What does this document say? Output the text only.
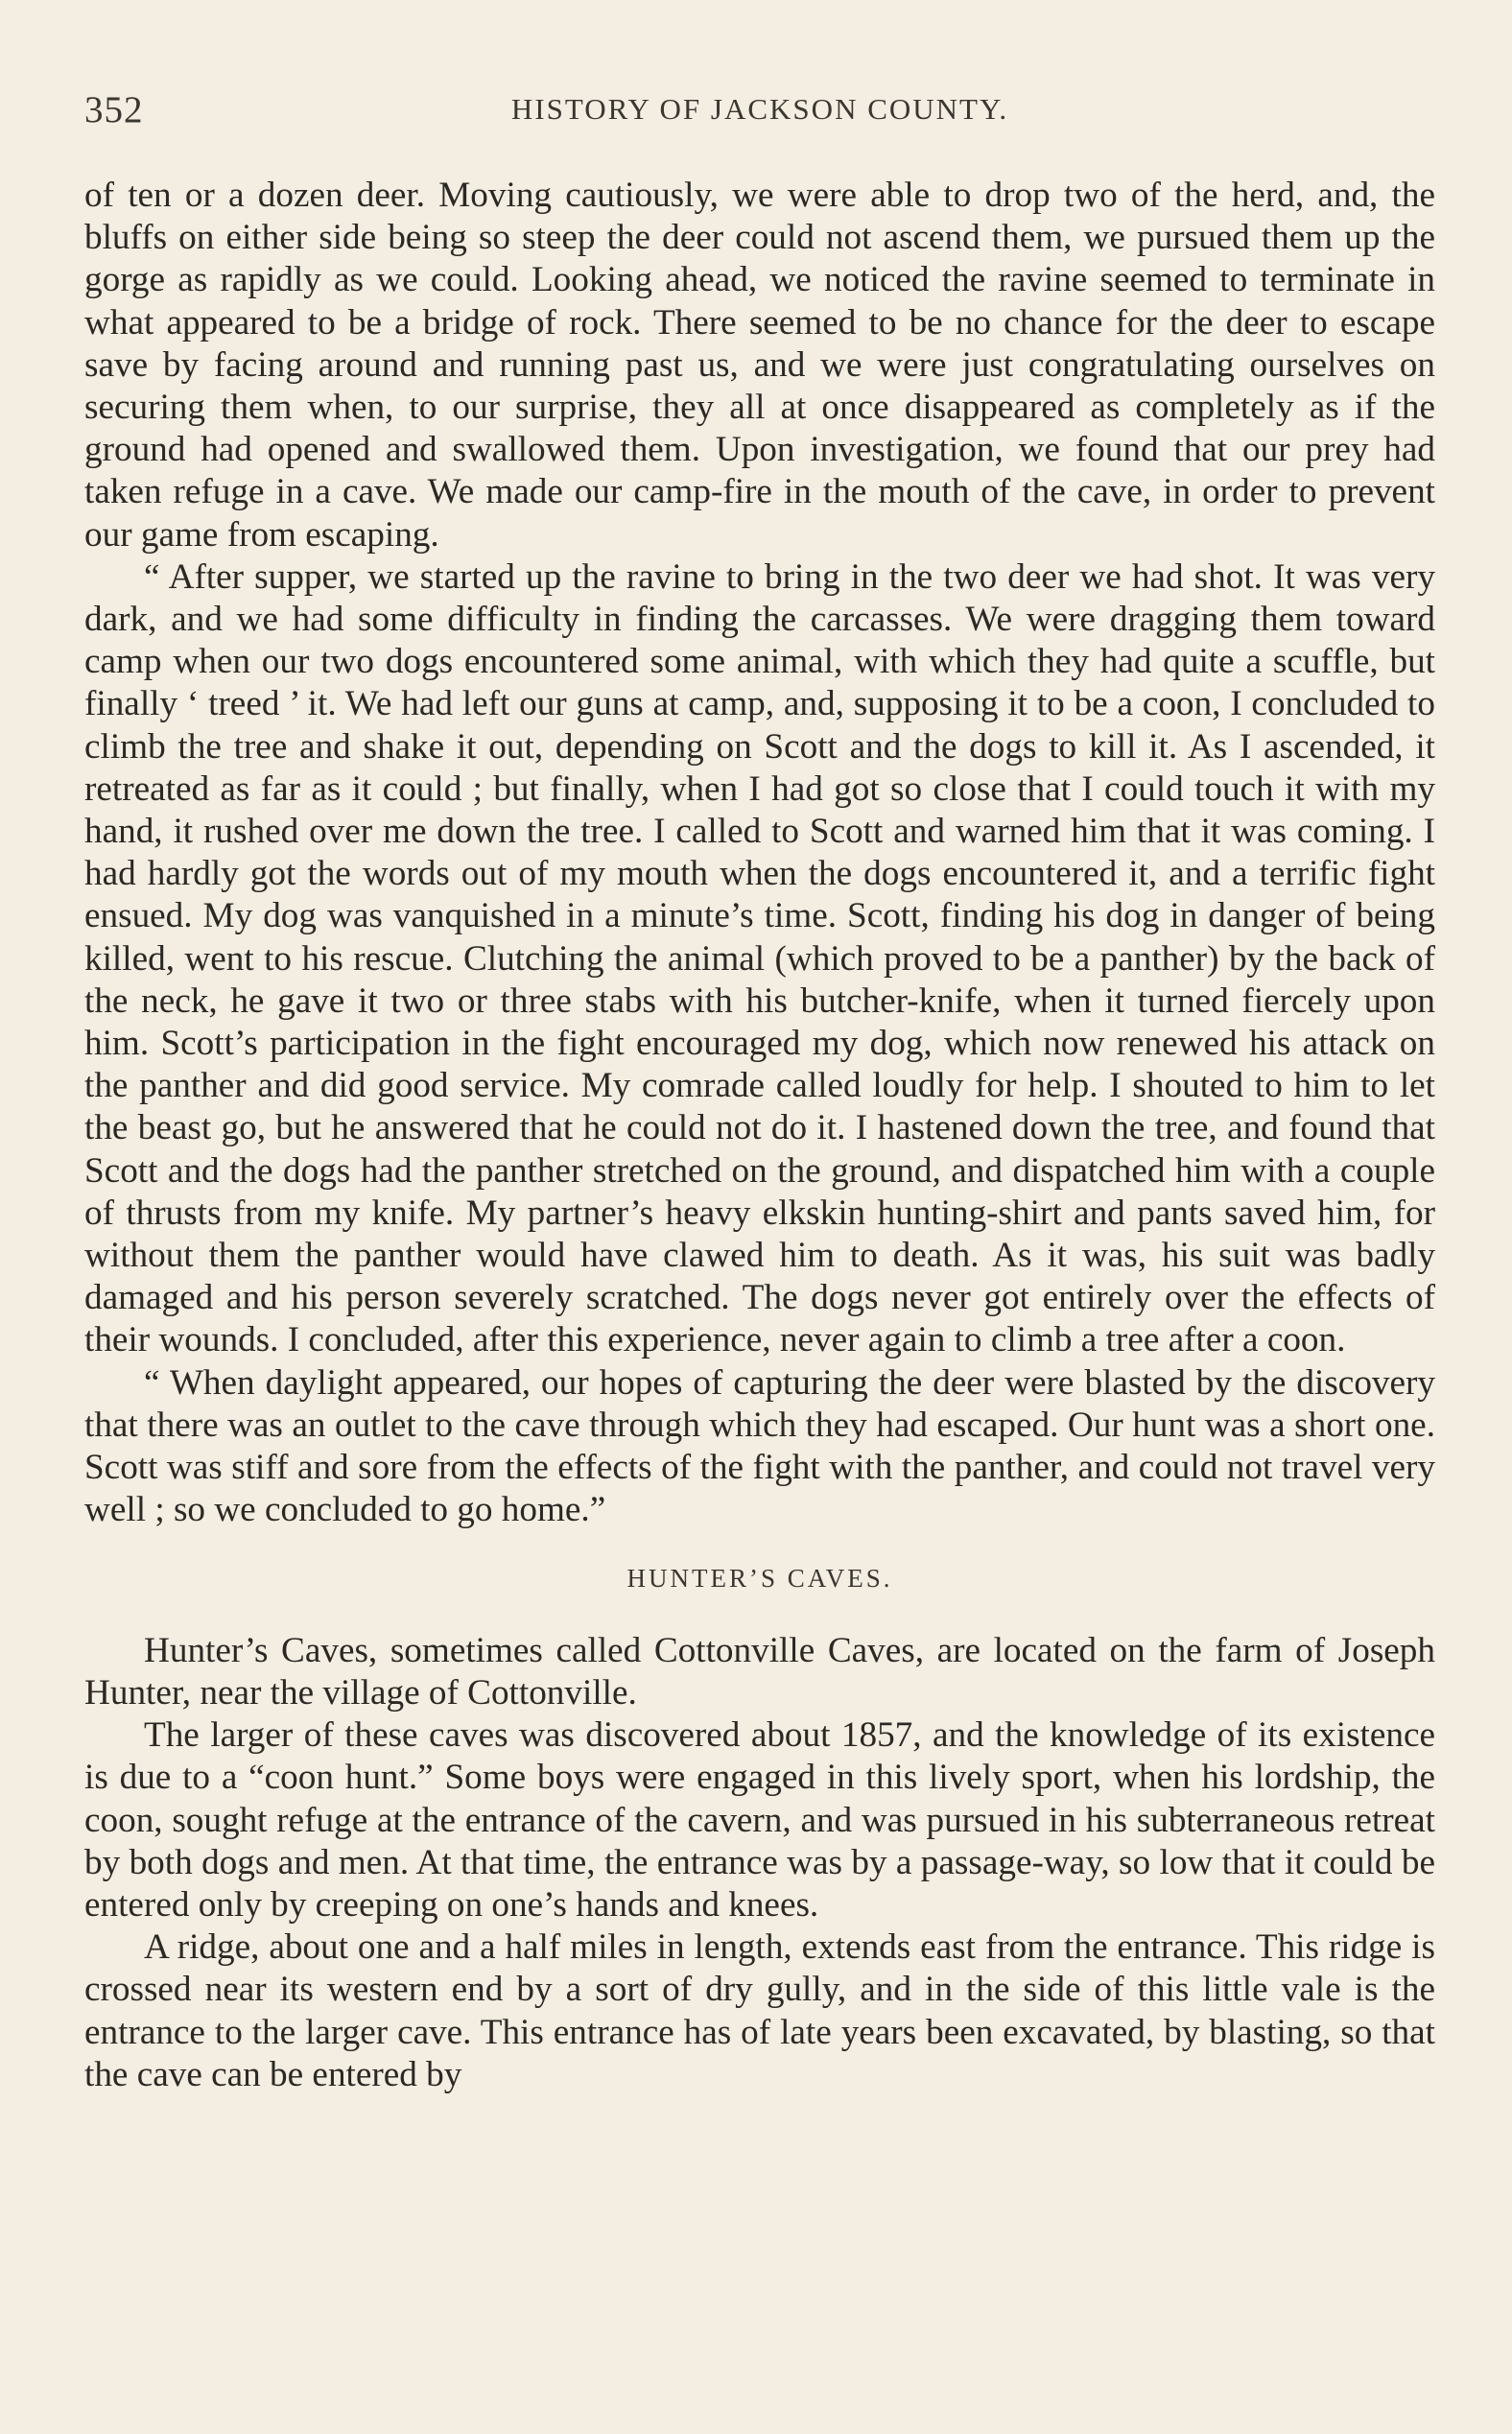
352	HISTORY OF JACKSON COUNTY.

of ten or a dozen deer. Moving cautiously, we were able to drop two of the herd, and, the bluffs on either side being so steep the deer could not ascend them, we pursued them up the gorge as rapidly as we could. Looking ahead, we noticed the ravine seemed to terminate in what appeared to be a bridge of rock. There seemed to be no chance for the deer to escape save by facing around and running past us, and we were just congratulating ourselves on securing them when, to our surprise, they all at once disappeared as completely as if the ground had opened and swallowed them. Upon investigation, we found that our prey had taken refuge in a cave. We made our camp-fire in the mouth of the cave, in order to prevent our game from escaping.

“ After supper, we started up the ravine to bring in the two deer we had shot. It was very dark, and we had some difficulty in finding the carcasses. We were dragging them toward camp when our two dogs encountered some animal, with which they had quite a scuffle, but finally ‘ treed ’ it. We had left our guns at camp, and, supposing it to be a coon, I concluded to climb the tree and shake it out, depending on Scott and the dogs to kill it. As I ascended, it retreated as far as it could ; but finally, when I had got so close that I could touch it with my hand, it rushed over me down the tree. I called to Scott and warned him that it was coming. I had hardly got the words out of my mouth when the dogs encountered it, and a terrific fight ensued. My dog was vanquished in a minute’s time. Scott, finding his dog in danger of being killed, went to his rescue. Clutching the animal (which proved to be a panther) by the back of the neck, he gave it two or three stabs with his butcher-knife, when it turned fiercely upon him. Scott’s participation in the fight encouraged my dog, which now renewed his attack on the panther and did good service. My comrade called loudly for help. I shouted to him to let the beast go, but he answered that he could not do it. I hastened down the tree, and found that Scott and the dogs had the panther stretched on the ground, and dispatched him with a couple of thrusts from my knife. My partner’s heavy elkskin hunting-shirt and pants saved him, for without them the panther would have clawed him to death. As it was, his suit was badly damaged and his person severely scratched. The dogs never got entirely over the effects of their wounds. I concluded, after this experience, never again to climb a tree after a coon.

“ When daylight appeared, our hopes of capturing the deer were blasted by the discovery that there was an outlet to the cave through which they had escaped. Our hunt was a short one. Scott was stiff and sore from the effects of the fight with the panther, and could not travel very well ; so we concluded to go home.”

HUNTER’S CAVES.

Hunter’s Caves, sometimes called Cottonville Caves, are located on the farm of Joseph Hunter, near the village of Cottonville.

The larger of these caves was discovered about 1857, and the knowledge of its existence is due to a “coon hunt.” Some boys were engaged in this lively sport, when his lordship, the coon, sought refuge at the entrance of the cavern, and was pursued in his subterraneous retreat by both dogs and men. At that time, the entrance was by a passage-way, so low that it could be entered only by creeping on one’s hands and knees.

A ridge, about one and a half miles in length, extends east from the entrance. This ridge is crossed near its western end by a sort of dry gully, and in the side of this little vale is the entrance to the larger cave. This entrance has of late years been excavated, by blasting, so that the cave can be entered by
